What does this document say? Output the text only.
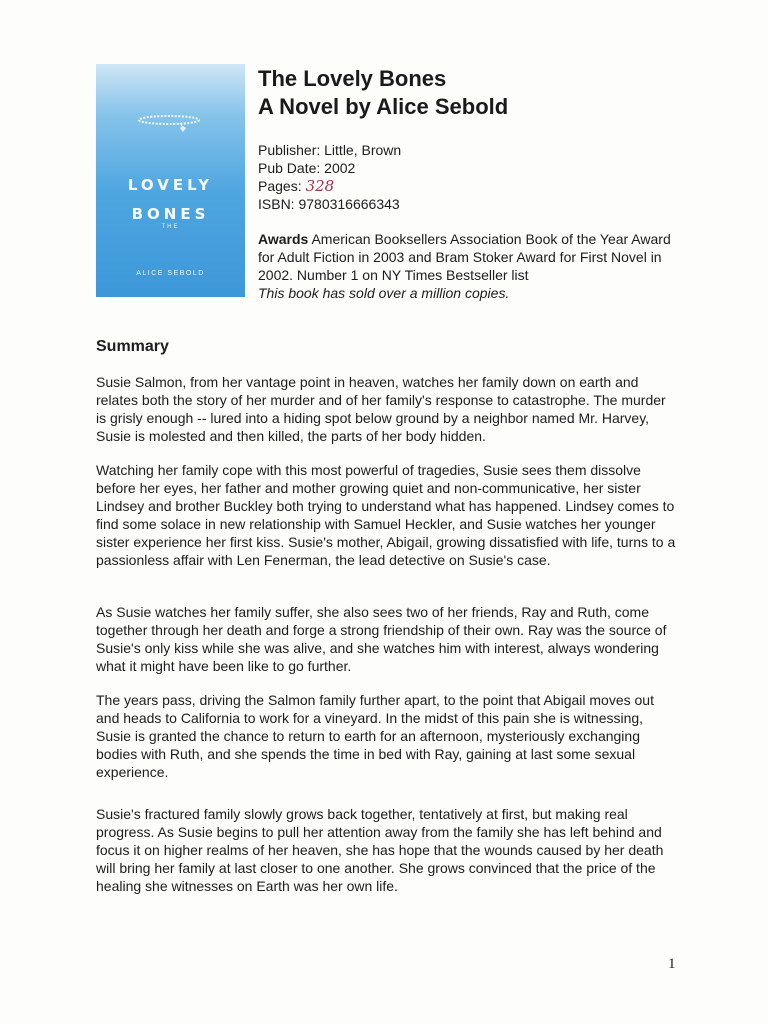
THE
LOVELY
BONES
ALICE SEBOLD
The Lovely Bones
A Novel by Alice Sebold
Publisher: Little, Brown
Pub Date: 2002
Pages: 328
ISBN: 9780316666343
Awards American Booksellers Association Book of the Year Award for Adult Fiction in 2003 and Bram Stoker Award for First Novel in 2002. Number 1 on NY Times Bestseller list
This book has sold over a million copies.
Summary

Susie Salmon, from her vantage point in heaven, watches her family down on earth and relates both the story of her murder and of her family's response to catastrophe. The murder is grisly enough -- lured into a hiding spot below ground by a neighbor named Mr. Harvey, Susie is molested and then killed, the parts of her body hidden.

Watching her family cope with this most powerful of tragedies, Susie sees them dissolve before her eyes, her father and mother growing quiet and non-communicative, her sister Lindsey and brother Buckley both trying to understand what has happened. Lindsey comes to find some solace in new relationship with Samuel Heckler, and Susie watches her younger sister experience her first kiss. Susie's mother, Abigail, growing dissatisfied with life, turns to a passionless affair with Len Fenerman, the lead detective on Susie's case.

As Susie watches her family suffer, she also sees two of her friends, Ray and Ruth, come together through her death and forge a strong friendship of their own. Ray was the source of Susie's only kiss while she was alive, and she watches him with interest, always wondering what it might have been like to go further.

The years pass, driving the Salmon family further apart, to the point that Abigail moves out and heads to California to work for a vineyard. In the midst of this pain she is witnessing, Susie is granted the chance to return to earth for an afternoon, mysteriously exchanging bodies with Ruth, and she spends the time in bed with Ray, gaining at last some sexual experience.

Susie's fractured family slowly grows back together, tentatively at first, but making real progress. As Susie begins to pull her attention away from the family she has left behind and focus it on higher realms of her heaven, she has hope that the wounds caused by her death will bring her family at last closer to one another. She grows convinced that the price of the healing she witnesses on Earth was her own life.

1
